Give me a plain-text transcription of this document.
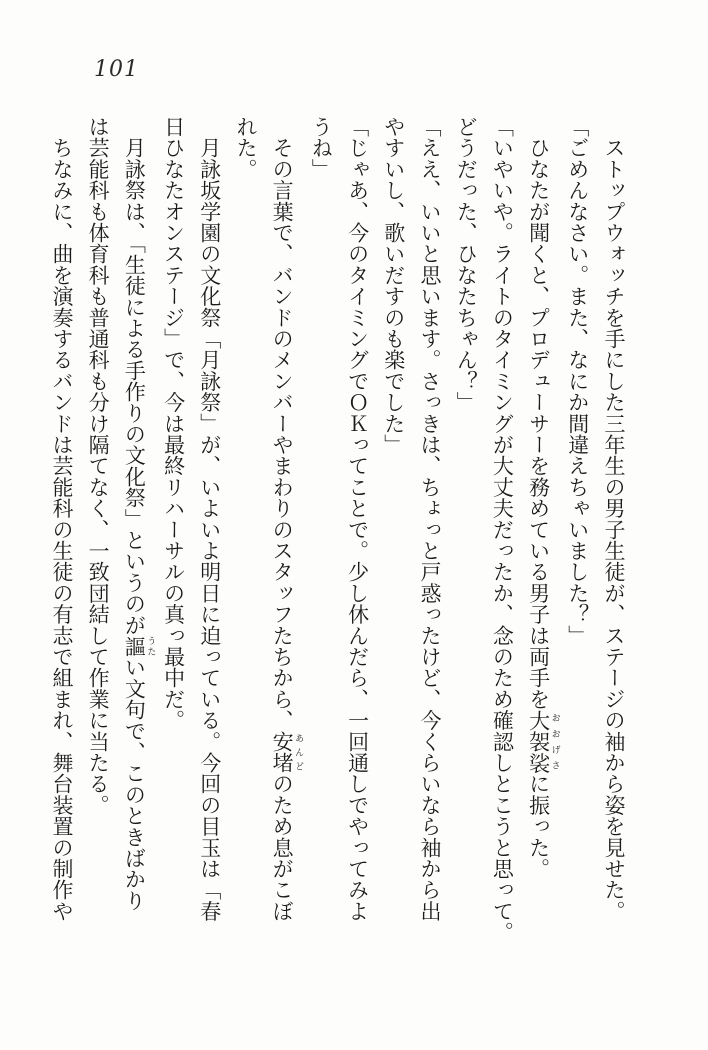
101

　ストップウォッチを手にした三年生の男子生徒が、ステージの袖から姿を見せた。

「ごめんなさい。また、なにか間違えちゃいました？」

　ひなたが聞くと、プロデューサーを務めている男子は両手を大袈裟 おおげさに振った。

「いやいや。ライトのタイミングが大丈夫だったか、念のため確認しとこうと思って。

どうだった、ひなたちゃん？」

「ええ、いいと思います。さっきは、ちょっと戸惑ったけど、今くらいなら袖から出

やすいし、歌いだすのも楽でした」

「じゃあ、今のタイミングでＯＫってことで。少し休んだら、一回通しでやってみよ

うね」

　その言葉で、バンドのメンバーやまわりのスタッフたちから、安堵 あんどのため息がこぼ

れた。

　月詠坂学園の文化祭「月詠祭」が、いよいよ明日に迫っている。今回の目玉は「春

日ひなたオンステージ」で、今は最終リハーサルの真っ最中だ。

　月詠祭は、「生徒による手作りの文化祭」というのが謳 うたい文句で、このときばかり

は芸能科も体育科も普通科も分け隔てなく、一致団結して作業に当たる。

　ちなみに、曲を演奏するバンドは芸能科の生徒の有志で組まれ、舞台装置の制作や
